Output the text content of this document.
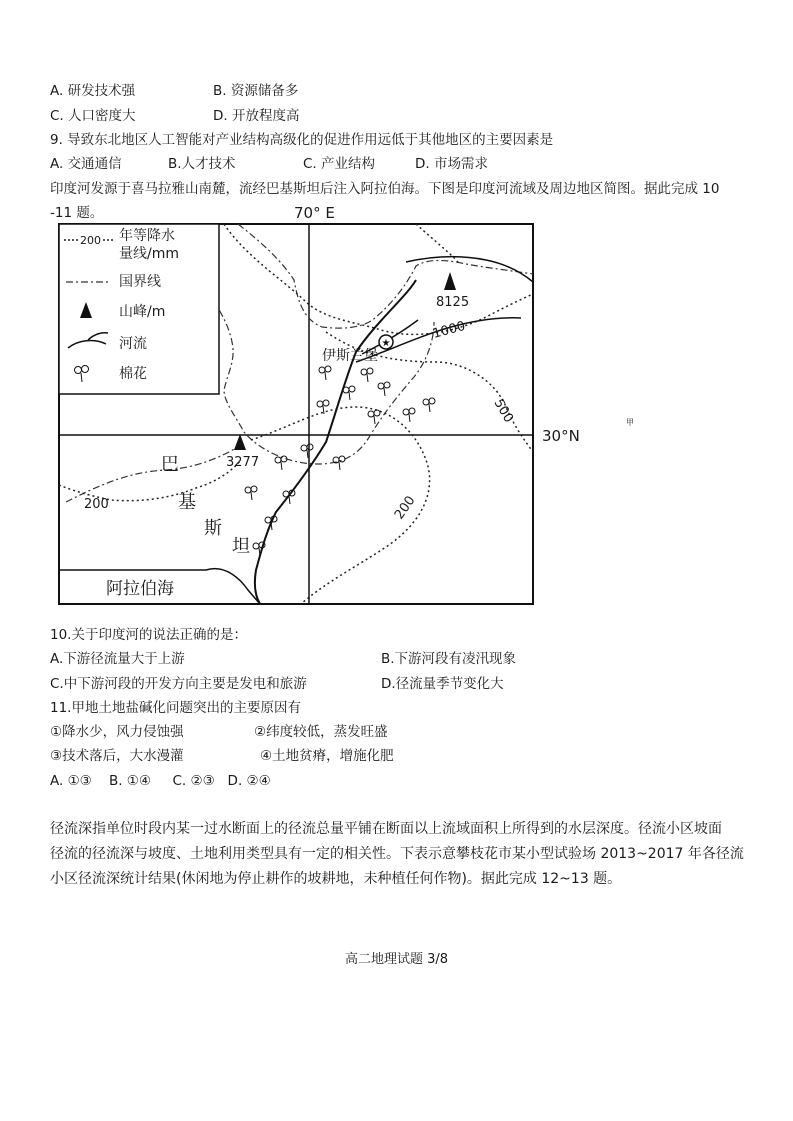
A. 研发技术强	B. 资源储备多
C. 人口密度大	D. 开放程度高
9. 导致东北地区人工智能对产业结构高级化的促进作用远低于其他地区的主要因素是
A. 交通通信	B.人才技术	C. 产业结构	D. 市场需求
印度河发源于喜马拉雅山南麓，流经巴基斯坦后注入阿拉伯海。下图是印度河流域及周边地区简图。据此完成 10
-11 题。	70° E
30°N
8125
★
伊斯兰堡
1000
500
200
200
3277
巴
基
斯
坦
阿拉伯海
200 年等降水
量线/mm
国界线
山峰/m
河流
棉花
甲
10.关于印度河的说法正确的是：
A.下游径流量大于上游	B.下游河段有凌汛现象
C.中下游河段的开发方向主要是发电和旅游	D.径流量季节变化大
11.甲地土地盐碱化问题突出的主要原因有
①降水少，风力侵蚀强	②纬度较低，蒸发旺盛
③技术落后，大水漫灌	④土地贫瘠，增施化肥
A. ①③    B. ①④     C. ②③   D. ②④
径流深指单位时段内某一过水断面上的径流总量平铺在断面以上流域面积上所得到的水层深度。径流小区坡面
径流的径流深与坡度、土地利用类型具有一定的相关性。下表示意攀枝花市某小型试验场 2013~2017 年各径流
小区径流深统计结果(休闲地为停止耕作的坡耕地，未种植任何作物)。据此完成 12~13 题。
高二地理试题 3/8
